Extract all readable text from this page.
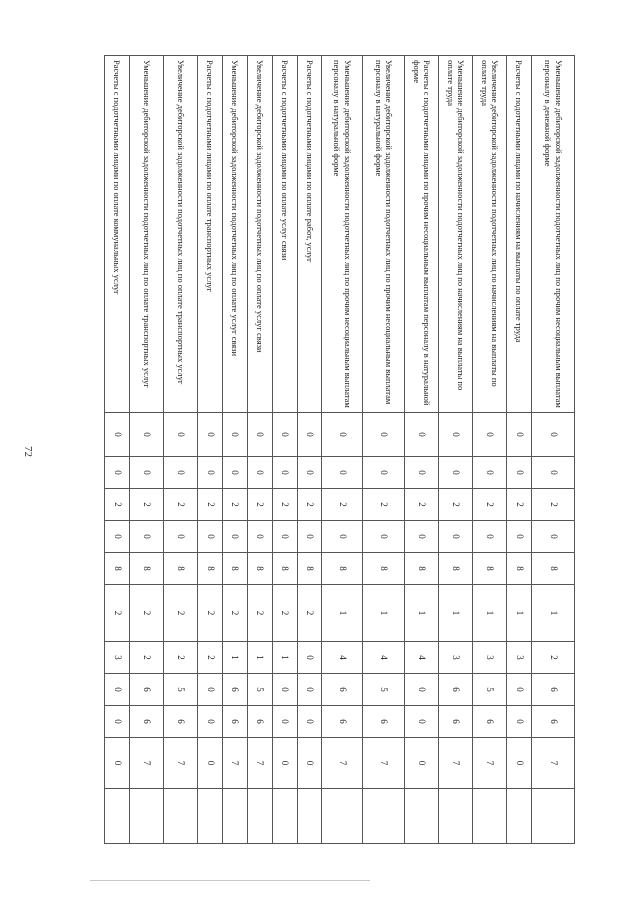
72
Уменьшение дебиторской задолженности подотчетных лиц по прочим несоциальным выплатам персоналу в денежной форме	0	0	2	0	8	1	2	6	6	7	
Расчеты с подотчетными лицами по начислениям на выплаты по оплате труда	0	0	2	0	8	1	3	0	0	0	
Увеличение дебиторской задолженности подотчетных лиц по начислениям на выплаты по оплате труда	0	0	2	0	8	1	3	5	6	7	
Уменьшение дебиторской задолженности подотчетных лиц по начислениям на выплаты по оплате труда	0	0	2	0	8	1	3	6	6	7	
Расчеты с подотчетными лицами по прочим несоциальным выплатам персоналу в натуральной форме	0	0	2	0	8	1	4	0	0	0	
Увеличение дебиторской задолженности подотчетных лиц по прочим несоциальным выплатам персоналу в натуральной форме	0	0	2	0	8	1	4	5	6	7	
Уменьшение дебиторской задолженности подотчетных лиц по прочим несоциальным выплатам персоналу в натуральной форме	0	0	2	0	8	1	4	6	6	7	
Расчеты с подотчетными лицами по оплате работ, услуг	0	0	2	0	8	2	0	0	0	0	
Расчеты с подотчетными лицами по оплате услуг связи	0	0	2	0	8	2	1	0	0	0	
Увеличение дебиторской задолженности подотчетных лиц по оплате услуг связи	0	0	2	0	8	2	1	5	6	7	
Уменьшение дебиторской задолженности подотчетных лиц по оплате услуг связи	0	0	2	0	8	2	1	6	6	7	
Расчеты с подотчетными лицами по оплате транспортных услуг	0	0	2	0	8	2	2	0	0	0	
Увеличение дебиторской задолженности подотчетных лиц по оплате транспортных услуг	0	0	2	0	8	2	2	5	6	7	
Уменьшение дебиторской задолженности подотчетных лиц по оплате транспортных услуг	0	0	2	0	8	2	2	6	6	7	
Расчеты с подотчетными лицами по оплате коммунальных услуг	0	0	2	0	8	2	3	0	0	0	
